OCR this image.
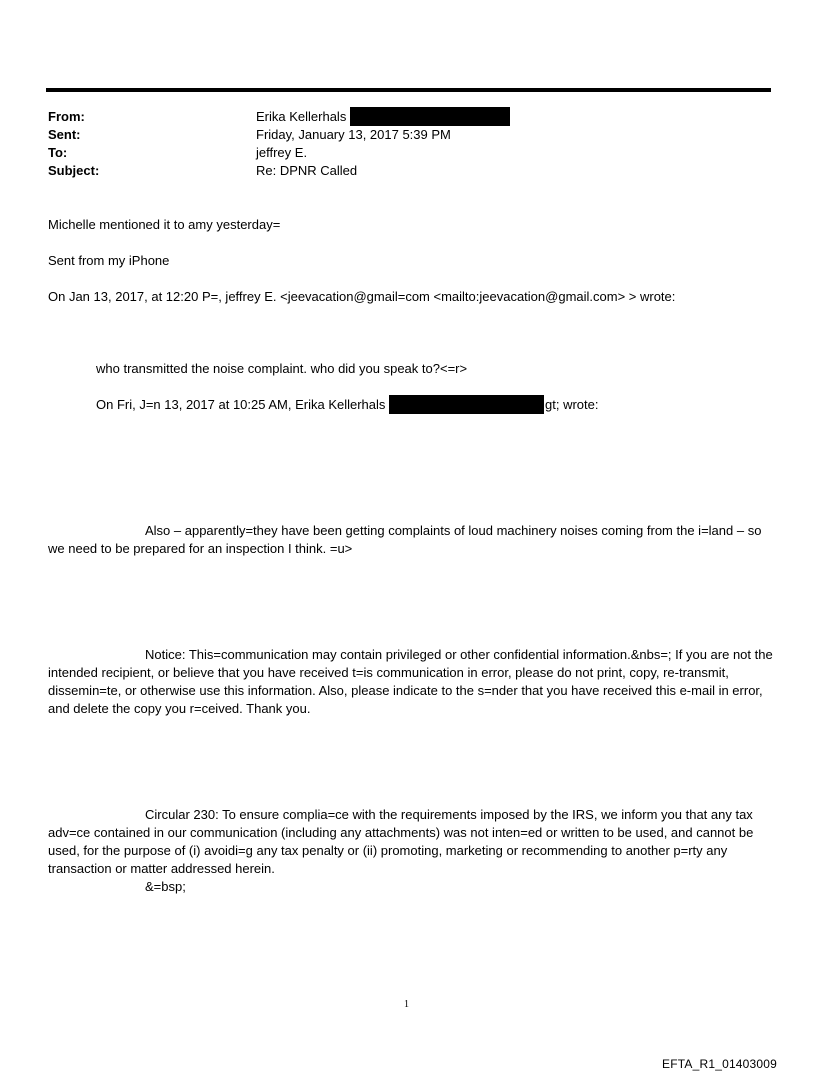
From:	Erika Kellerhals
Sent:	Friday, January 13, 2017 5:39 PM
To:	jeffrey E.
Subject:	Re: DPNR Called
Michelle mentioned it to amy yesterday=
Sent from my iPhone
On Jan 13, 2017, at 12:20 P=, jeffrey E. <jeevacation@gmail=com <mailto:jeevacation@gmail.com> > wrote:
who transmitted the noise complaint. who did you speak to?<=r>
On Fri, J=n 13, 2017 at 10:25 AM, Erika Kellerhals	gt; wrote:
Also – apparently=they have been getting complaints of loud machinery noises coming from the i=land – so we need to be prepared for an inspection I think. =u>
Notice: This=communication may contain privileged or other confidential information.&nbs=; If you are not the intended recipient, or believe that you have received t=is communication in error, please do not print, copy, re-transmit, dissemin=te, or otherwise use this information. Also, please indicate to the s=nder that you have received this e-mail in error, and delete the copy you r=ceived. Thank you.
Circular 230: To ensure complia=ce with the requirements imposed by the IRS, we inform you that any tax adv=ce contained in our communication (including any attachments) was not inten=ed or written to be used, and cannot be used, for the purpose of (i) avoidi=g any tax penalty or (ii) promoting, marketing or recommending to another p=rty any transaction or matter addressed herein.
&=bsp;
1
EFTA_R1_01403009
